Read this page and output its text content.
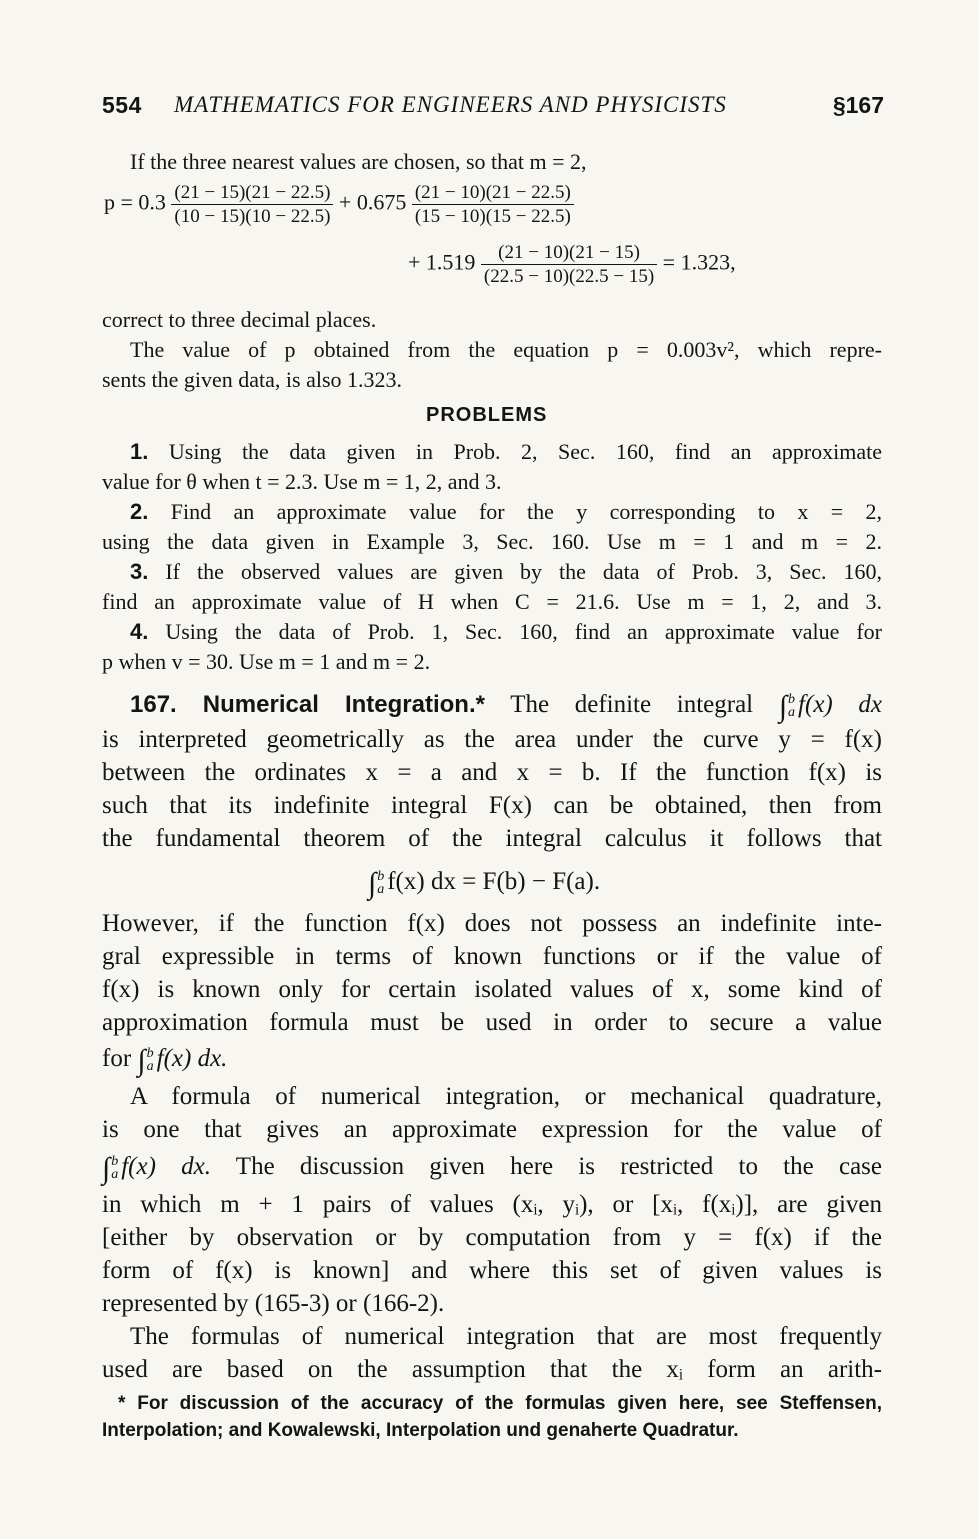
554 MATHEMATICS FOR ENGINEERS AND PHYSICISTS	§167
If the three nearest values are chosen, so that m = 2,
$p = 0.3 \frac{(21 - 15)(21 - 22.5)}{(10 - 15)(10 - 22.5)} + 0.675 \frac{(21 - 10)(21 - 22.5)}{(15 - 10)(15 - 22.5)}$
+ $1.519 \frac{(21 - 10)(21 - 15)}{(22.5 - 10)(22.5 - 15)} = 1.323$,
correct to three decimal places.
The value of p obtained from the equation p = 0.003v², which repre-
sents the given data, is also 1.323.
PROBLEMS
1. Using the data given in Prob. 2, Sec. 160, find an approximate
value for θ when t = 2.3. Use m = 1, 2, and 3.
2. Find an approximate value for the y corresponding to x = 2,
using the data given in Example 3, Sec. 160. Use m = 1 and m = 2.
3. If the observed values are given by the data of Prob. 3, Sec. 160,
find an approximate value of H when C = 21.6. Use m = 1, 2, and 3.
4. Using the data of Prob. 1, Sec. 160, find an approximate value for
p when v = 30. Use m = 1 and m = 2.
167. Numerical Integration.* The definite integral ∫ b
a f(x) dx
is interpreted geometrically as the area under the curve y = f(x)
between the ordinates x = a and x = b. If the function f(x) is
such that its indefinite integral F(x) can be obtained, then from
the fundamental theorem of the integral calculus it follows that
∫ b
a f(x) dx = F(b) − F(a).
However, if the function f(x) does not possess an indefinite inte-
gral expressible in terms of known functions or if the value of
f(x) is known only for certain isolated values of x, some kind of
approximation formula must be used in order to secure a value
for ∫ b
a f(x) dx.
A formula of numerical integration, or mechanical quadrature,
is one that gives an approximate expression for the value of
∫ b
a f(x) dx. The discussion given here is restricted to the case
in which m + 1 pairs of values (xᵢ, yᵢ), or [xᵢ, f(xᵢ)], are given
[either by observation or by computation from y = f(x) if the
form of f(x) is known] and where this set of given values is
represented by (165-3) or (166-2).
The formulas of numerical integration that are most frequently
used are based on the assumption that the xᵢ form an arith-
* For discussion of the accuracy of the formulas given here, see Steffensen,
Interpolation; and Kowalewski, Interpolation und genaherte Quadratur.
